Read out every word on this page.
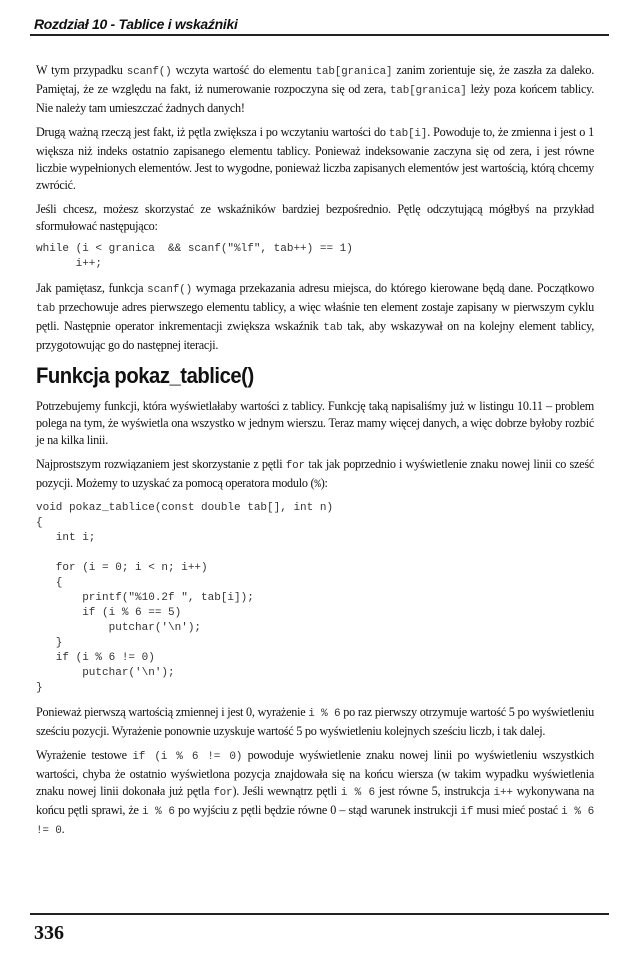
Rozdział 10 - Tablice i wskaźniki

W tym przypadku scanf() wczyta wartość do elementu tab[granica] zanim zorientuje się, że zaszła za daleko. Pamiętaj, że ze względu na fakt, iż numerowanie rozpoczyna się od zera, tab[granica] leży poza końcem tablicy. Nie należy tam umieszczać żadnych danych!

Drugą ważną rzeczą jest fakt, iż pętla zwiększa i po wczytaniu wartości do tab[i]. Powoduje to, że zmienna i jest o 1 większa niż indeks ostatnio zapisanego elementu tablicy. Ponieważ indeksowanie zaczyna się od zera, i jest równe liczbie wypełnionych elementów. Jest to wygodne, ponieważ liczba zapisanych elementów jest wartością, którą chcemy zwrócić.

Jeśli chcesz, możesz skorzystać ze wskaźników bardziej bezpośrednio. Pętlę odczytującą mógłbyś na przykład sformułować następująco:

while (i < granica  && scanf("%lf", tab++) == 1)
i++;

Jak pamiętasz, funkcja scanf() wymaga przekazania adresu miejsca, do którego kierowane będą dane. Początkowo tab przechowuje adres pierwszego elementu tablicy, a więc właśnie ten element zostaje zapisany w pierwszym cyklu pętli. Następnie operator inkrementacji zwiększa wskaźnik tab tak, aby wskazywał on na kolejny element tablicy, przygotowując go do następnej iteracji.

Funkcja pokaz_tablice()

Potrzebujemy funkcji, która wyświetlałaby wartości z tablicy. Funkcję taką napisaliśmy już w listingu 10.11 – problem polega na tym, że wyświetla ona wszystko w jednym wierszu. Teraz mamy więcej danych, a więc dobrze byłoby rozbić je na kilka linii.

Najprostszym rozwiązaniem jest skorzystanie z pętli for tak jak poprzednio i wyświetlenie znaku nowej linii co sześć pozycji. Możemy to uzyskać za pomocą operatora modulo (%):

void pokaz_tablice(const double tab[], int n)
{
int i;

for (i = 0; i < n; i++)
{
printf("%10.2f ", tab[i]);
if (i % 6 == 5)
putchar('\n');
}
if (i % 6 != 0)
putchar('\n');
}

Ponieważ pierwszą wartością zmiennej i jest 0, wyrażenie i % 6 po raz pierwszy otrzymuje wartość 5 po wyświetleniu sześciu pozycji. Wyrażenie ponownie uzyskuje wartość 5 po wyświetleniu kolejnych sześciu liczb, i tak dalej.

Wyrażenie testowe if (i % 6 != 0) powoduje wyświetlenie znaku nowej linii po wyświetleniu wszystkich wartości, chyba że ostatnio wyświetlona pozycja znajdowała się na końcu wiersza (w takim wypadku wyświetlenia znaku nowej linii dokonała już pętla for). Jeśli wewnątrz pętli i % 6 jest równe 5, instrukcja i++ wykonywana na końcu pętli sprawi, że i % 6 po wyjściu z pętli będzie równe 0 – stąd warunek instrukcji if musi mieć postać i % 6 != 0.

336
